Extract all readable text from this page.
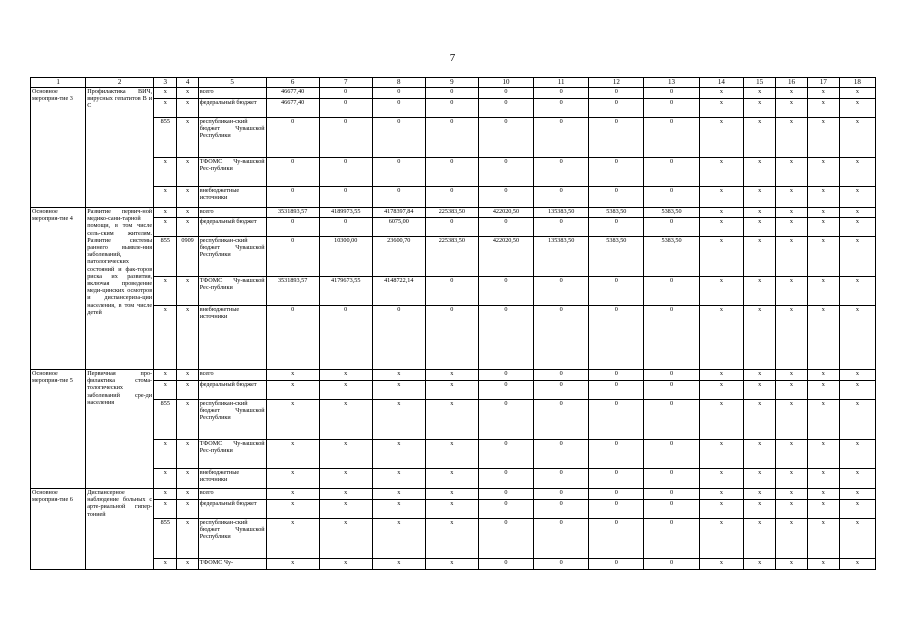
7
1	2	3	4	5	6	7	8	9	10	11	12	13	14	15	16	17	18
Основное мероприя-тие 3	Профилактика ВИЧ, вирусных гепатитов В и С	х	х	всего	46677,40	0	0	0	0	0	0	0	х	х	х	х	х
		х	х	федеральный бюджет	46677,40	0	0	0	0	0	0	0	х	х	х	х	х
		855	х	республикан-ский бюджет Чувашской Республики	0	0	0	0	0	0	0	0	х	х	х	х	х
		х	х	ТФОМС Чу-вашской Рес-публики	0	0	0	0	0	0	0	0	х	х	х	х	х
		х	х	внебюджетные источники	0	0	0	0	0	0	0	0	х	х	х	х	х
Основное мероприя-тие 4	Развитие первич-ной медико-сани-тарной помощи, в том числе сель-ским жителям. Развитие системы раннего выявле-ния заболеваний, патологических состояний и фак-торов риска их развития, включая проведение меди-цинских осмотров и диспансериза-ции населения, в том числе детей	х	х	всего	3531893,57	4189973,55	4178397,84	225383,50	422020,50	135383,50	5383,50	5383,50	х	х	х	х	х
		х	х	федеральный бюджет	0	0	6075,00	0	0	0	0	0	х	х	х	х	х
		855	0909	республикан-ский бюджет Чувашской Республики	0	10300,00	23600,70	225383,50	422020,50	135383,50	5383,50	5383,50	х	х	х	х	х
		х	х	ТФОМС Чу-вашской Рес-публики	3531893,57	4179673,55	4148722,14	0	0	0	0	0	х	х	х	х	х
		х	х	внебюджетные источники	0	0	0	0	0	0	0	0	х	х	х	х	х
Основное мероприя-тие 5	Первичная про-филактика стома-тологических заболеваний сре-ди населения	х	х	всего	х	х	х	х	0	0	0	0	х	х	х	х	х
		х	х	федеральный бюджет	х	х	х	х	0	0	0	0	х	х	х	х	х
		855	х	республикан-ский бюджет Чувашской Республики	х	х	х	х	0	0	0	0	х	х	х	х	х
		х	х	ТФОМС Чу-вашской Рес-публики	х	х	х	х	0	0	0	0	х	х	х	х	х
		х	х	внебюджетные источники	х	х	х	х	0	0	0	0	х	х	х	х	х
Основное мероприя-тие 6	Диспансерное наблюдение больных с арте-риальной гипер-тонией	х	х	всего	х	х	х	х	0	0	0	0	х	х	х	х	х
		х	х	федеральный бюджет	х	х	х	х	0	0	0	0	х	х	х	х	х
		855	х	республикан-ский бюджет Чувашской Республики	х	х	х	х	0	0	0	0	х	х	х	х	х
		х	х	ТФОМС Чу-	х	х	х	х	0	0	0	0	х	х	х	х	х
